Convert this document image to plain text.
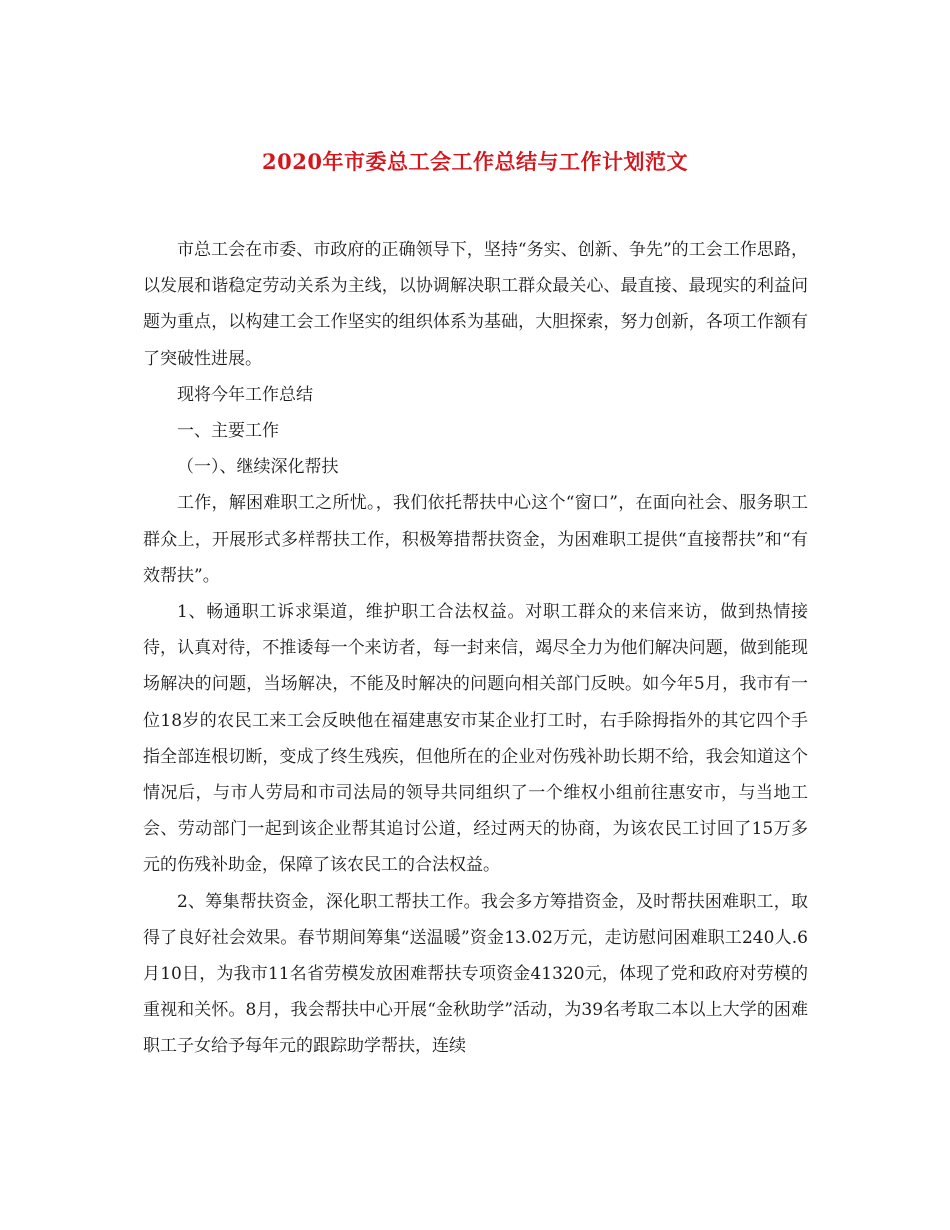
2020年市委总工会工作总结与工作计划范文

市总工会在市委、市政府的正确领导下，坚持“务实、创新、争先”的工会工作思路，以发展和谐稳定劳动关系为主线，以协调解决职工群众最关心、最直接、最现实的利益问题为重点，以构建工会工作坚实的组织体系为基础，大胆探索，努力创新，各项工作额有了突破性进展。

现将今年工作总结

一、主要工作

（一）、继续深化帮扶

工作，解困难职工之所忧。，我们依托帮扶中心这个“窗口”，在面向社会、服务职工群众上，开展形式多样帮扶工作，积极筹措帮扶资金，为困难职工提供“直接帮扶”和“有效帮扶”。

1、畅通职工诉求渠道，维护职工合法权益。对职工群众的来信来访，做到热情接待，认真对待，不推诿每一个来访者，每一封来信，竭尽全力为他们解决问题，做到能现场解决的问题，当场解决，不能及时解决的问题向相关部门反映。如今年5月，我市有一位18岁的农民工来工会反映他在福建惠安市某企业打工时，右手除拇指外的其它四个手指全部连根切断，变成了终生残疾，但他所在的企业对伤残补助长期不给，我会知道这个情况后，与市人劳局和市司法局的领导共同组织了一个维权小组前往惠安市，与当地工会、劳动部门一起到该企业帮其追讨公道，经过两天的协商，为该农民工讨回了15万多元的伤残补助金，保障了该农民工的合法权益。

2、筹集帮扶资金，深化职工帮扶工作。我会多方筹措资金，及时帮扶困难职工，取得了良好社会效果。春节期间筹集“送温暖”资金13.02万元，走访慰问困难职工240人.6月10日，为我市11名省劳模发放困难帮扶专项资金41320元，体现了党和政府对劳模的重视和关怀。8月，我会帮扶中心开展“金秋助学”活动，为39名考取二本以上大学的困难职工子女给予每年元的跟踪助学帮扶，连续
